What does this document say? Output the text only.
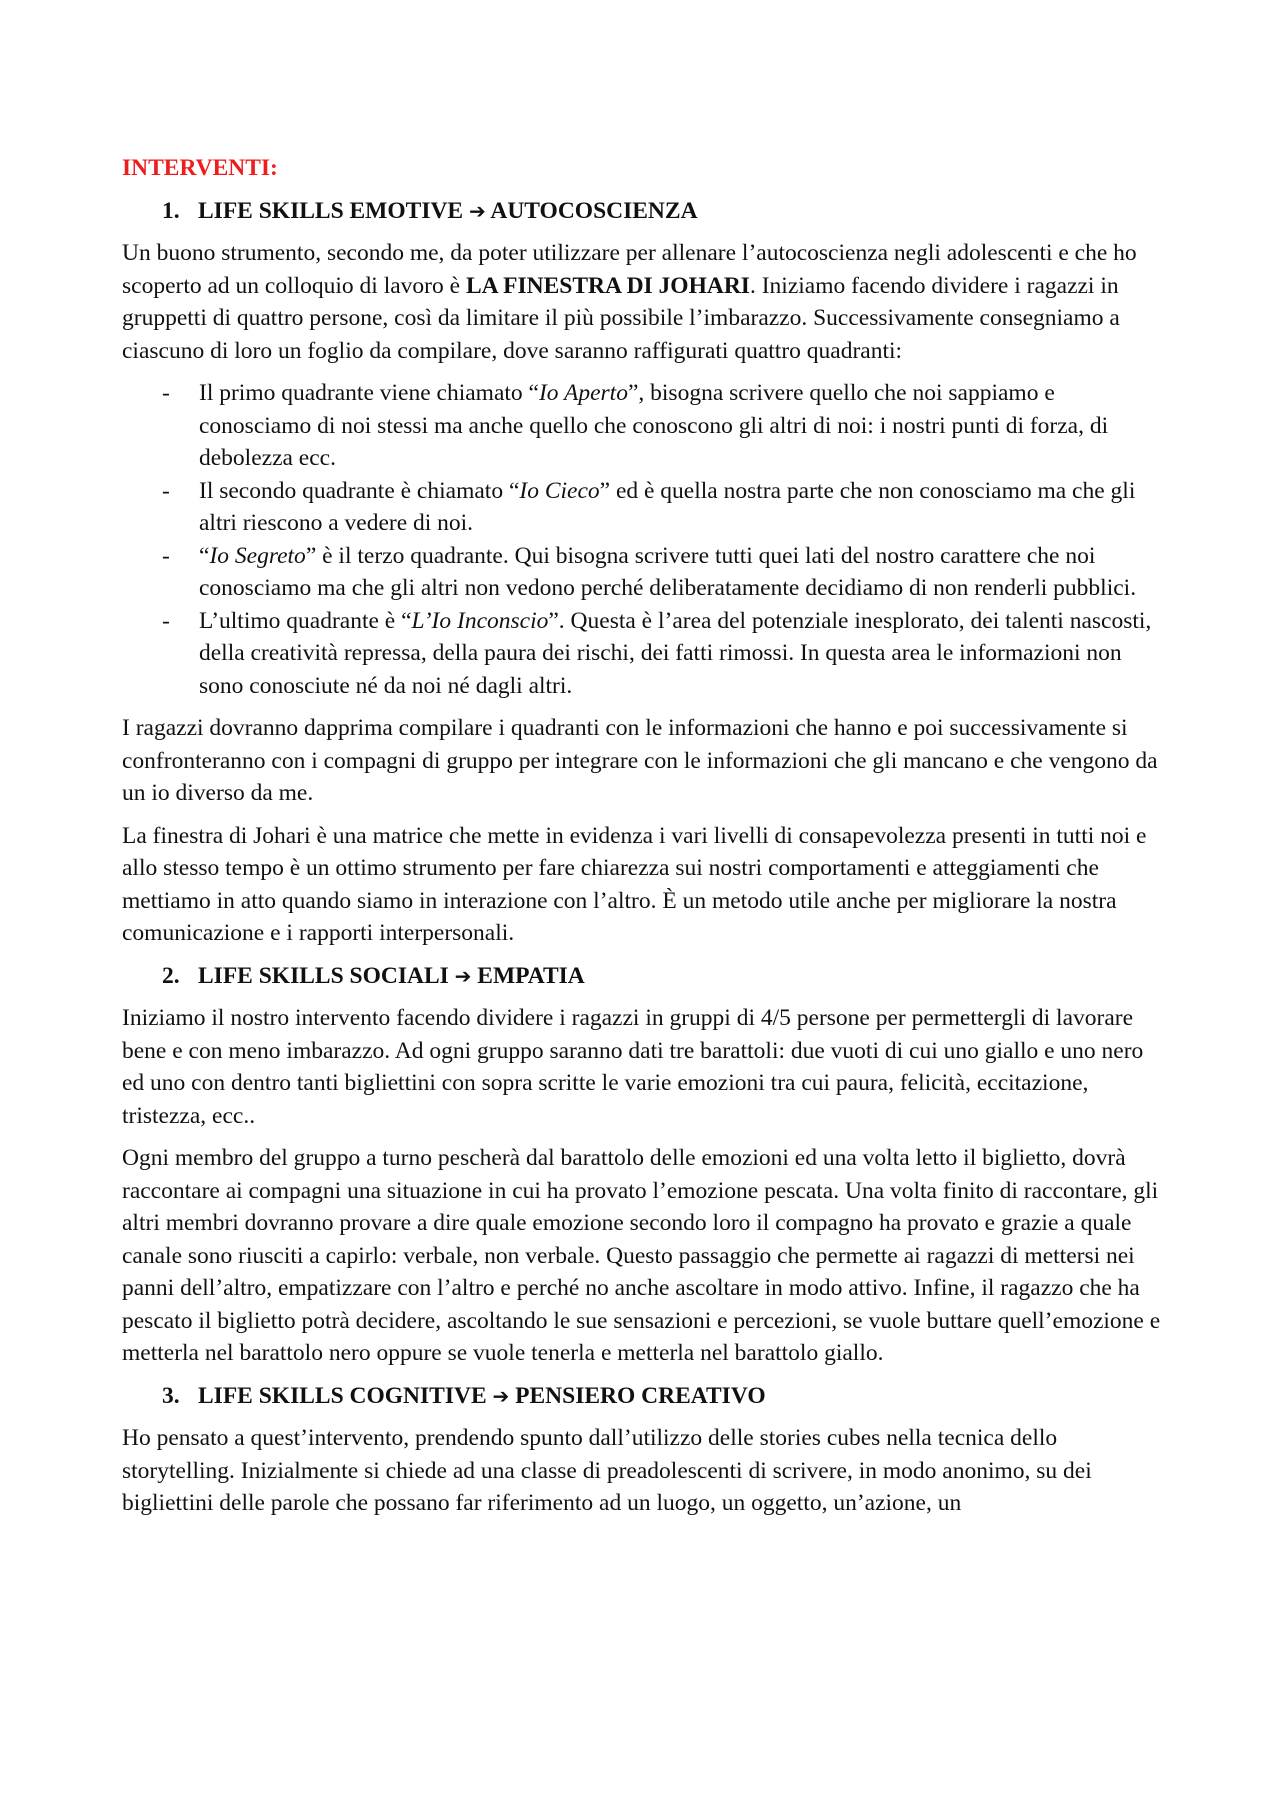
INTERVENTI:
1. LIFE SKILLS EMOTIVE ➔ AUTOCOSCIENZA

Un buono strumento, secondo me, da poter utilizzare per allenare l’autocoscienza negli adolescenti e che ho scoperto ad un colloquio di lavoro è LA FINESTRA DI JOHARI. Iniziamo facendo dividere i ragazzi in gruppetti di quattro persone, così da limitare il più possibile l’imbarazzo. Successivamente consegniamo a ciascuno di loro un foglio da compilare, dove saranno raffigurati quattro quadranti:

- Il primo quadrante viene chiamato “Io Aperto”, bisogna scrivere quello che noi sappiamo e conosciamo di noi stessi ma anche quello che conoscono gli altri di noi: i nostri punti di forza, di debolezza ecc.
- Il secondo quadrante è chiamato “Io Cieco” ed è quella nostra parte che non conosciamo ma che gli altri riescono a vedere di noi.
- “Io Segreto” è il terzo quadrante. Qui bisogna scrivere tutti quei lati del nostro carattere che noi conosciamo ma che gli altri non vedono perché deliberatamente decidiamo di non renderli pubblici.
- L’ultimo quadrante è “L’Io Inconscio”. Questa è l’area del potenziale inesplorato, dei talenti nascosti, della creatività repressa, della paura dei rischi, dei fatti rimossi. In questa area le informazioni non sono conosciute né da noi né dagli altri.

I ragazzi dovranno dapprima compilare i quadranti con le informazioni che hanno e poi successivamente si confronteranno con i compagni di gruppo per integrare con le informazioni che gli mancano e che vengono da un io diverso da me.

La finestra di Johari è una matrice che mette in evidenza i vari livelli di consapevolezza presenti in tutti noi e allo stesso tempo è un ottimo strumento per fare chiarezza sui nostri comportamenti e atteggiamenti che mettiamo in atto quando siamo in interazione con l’altro. È un metodo utile anche per migliorare la nostra comunicazione e i rapporti interpersonali.

2. LIFE SKILLS SOCIALI ➔ EMPATIA

Iniziamo il nostro intervento facendo dividere i ragazzi in gruppi di 4/5 persone per permettergli di lavorare bene e con meno imbarazzo. Ad ogni gruppo saranno dati tre barattoli: due vuoti di cui uno giallo e uno nero ed uno con dentro tanti bigliettini con sopra scritte le varie emozioni tra cui paura, felicità, eccitazione, tristezza, ecc..

Ogni membro del gruppo a turno pescherà dal barattolo delle emozioni ed una volta letto il biglietto, dovrà raccontare ai compagni una situazione in cui ha provato l’emozione pescata. Una volta finito di raccontare, gli altri membri dovranno provare a dire quale emozione secondo loro il compagno ha provato e grazie a quale canale sono riusciti a capirlo: verbale, non verbale. Questo passaggio che permette ai ragazzi di mettersi nei panni dell’altro, empatizzare con l’altro e perché no anche ascoltare in modo attivo. Infine, il ragazzo che ha pescato il biglietto potrà decidere, ascoltando le sue sensazioni e percezioni, se vuole buttare quell’emozione e metterla nel barattolo nero oppure se vuole tenerla e metterla nel barattolo giallo.

3. LIFE SKILLS COGNITIVE ➔ PENSIERO CREATIVO

Ho pensato a quest’intervento, prendendo spunto dall’utilizzo delle stories cubes nella tecnica dello storytelling. Inizialmente si chiede ad una classe di preadolescenti di scrivere, in modo anonimo, su dei bigliettini delle parole che possano far riferimento ad un luogo, un oggetto, un’azione, un
